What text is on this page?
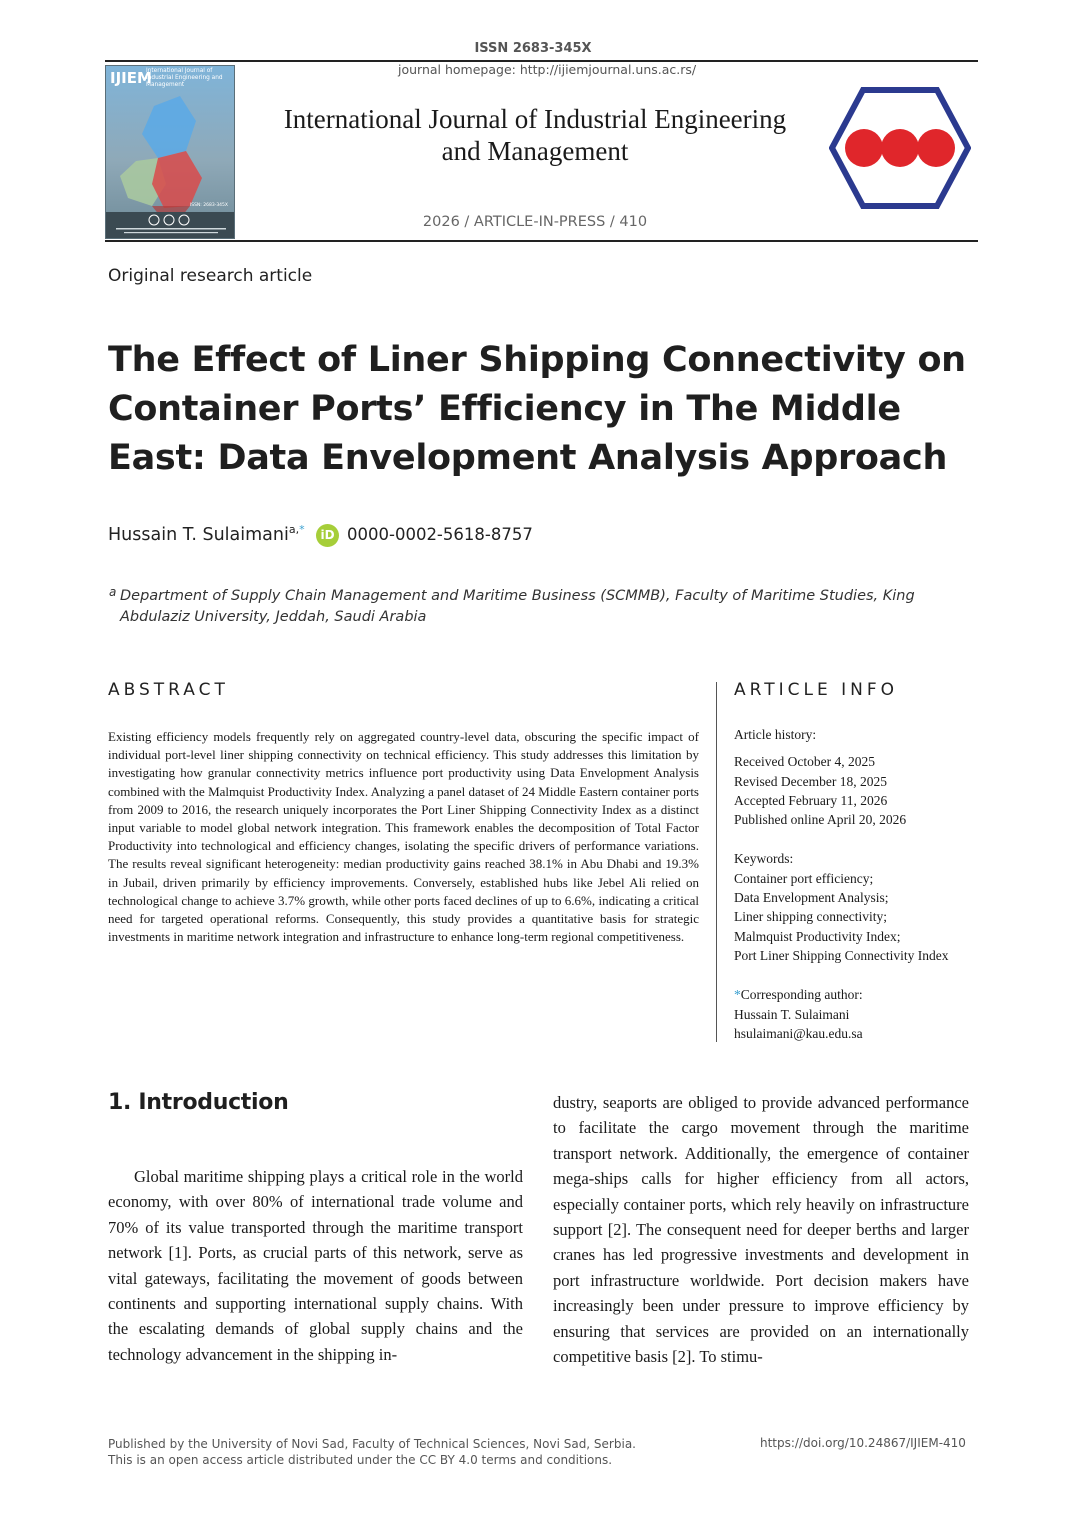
ISSN 2683-345X
journal homepage: http://ijiemjournal.uns.ac.rs/
IJIEM
International Journal of Industrial Engineering and Management
ISSN: 2683-345X
International Journal of Industrial Engineering and Management
2026 / ARTICLE-IN-PRESS / 410
Original research article
The Effect of Liner Shipping Connectivity on Container Ports’ Efficiency in The Middle East: Data Envelopment Analysis Approach
Hussain T. Sulaimani$^{a,*}$	iD 0000-0002-5618-8757
a Department of Supply Chain Management and Maritime Business (SCMMB), Faculty of Maritime Studies, King Abdulaziz University, Jeddah, Saudi Arabia
ABSTRACT
Existing efficiency models frequently rely on aggregated country-level data, obscuring the specific impact of individual port-level liner shipping connectivity on technical efficiency. This study addresses this limitation by investigating how granular connectivity metrics influence port productivity using Data Envelopment Analysis combined with the Malmquist Productivity Index. Analyzing a panel dataset of 24 Middle Eastern container ports from 2009 to 2016, the research uniquely incorporates the Port Liner Shipping Connectivity Index as a distinct input variable to model global network integration. This framework enables the decomposition of Total Factor Productivity into technological and efficiency changes, isolating the specific drivers of performance variations. The results reveal significant heterogeneity: median productivity gains reached 38.1% in Abu Dhabi and 19.3% in Jubail, driven primarily by efficiency improvements. Conversely, established hubs like Jebel Ali relied on technological change to achieve 3.7% growth, while other ports faced declines of up to 6.6%, indicating a critical need for targeted operational reforms. Consequently, this study provides a quantitative basis for strategic investments in maritime network integration and infrastructure to enhance long-term regional competitiveness.
ARTICLE INFO
Article history:
Received October 4, 2025
Revised December 18, 2025
Accepted February 11, 2026
Published online April 20, 2026
Keywords:
Container port efficiency;
Data Envelopment Analysis;
Liner shipping connectivity;
Malmquist Productivity Index;
Port Liner Shipping Connectivity Index
*Corresponding author:
Hussain T. Sulaimani
hsulaimani@kau.edu.sa
1. Introduction
Global maritime shipping plays a critical role in the world economy, with over 80% of international trade volume and 70% of its value transported through the maritime transport network [1]. Ports, as crucial parts of this network, serve as vital gateways, facilitating the movement of goods between continents and supporting international supply chains. With the escalating demands of global supply chains and the technology advancement in the shipping in-
dustry, seaports are obliged to provide advanced performance to facilitate the cargo movement through the maritime transport network. Additionally, the emergence of container mega-ships calls for higher efficiency from all actors, especially container ports, which rely heavily on infrastructure support [2]. The consequent need for deeper berths and larger cranes has led progressive investments and development in port infrastructure worldwide. Port decision makers have increasingly been under pressure to improve efficiency by ensuring that services are provided on an internationally competitive basis [2]. To stimu-
Published by the University of Novi Sad, Faculty of Technical Sciences, Novi Sad, Serbia.
This is an open access article distributed under the CC BY 4.0 terms and conditions.
https://doi.org/10.24867/IJIEM-410
